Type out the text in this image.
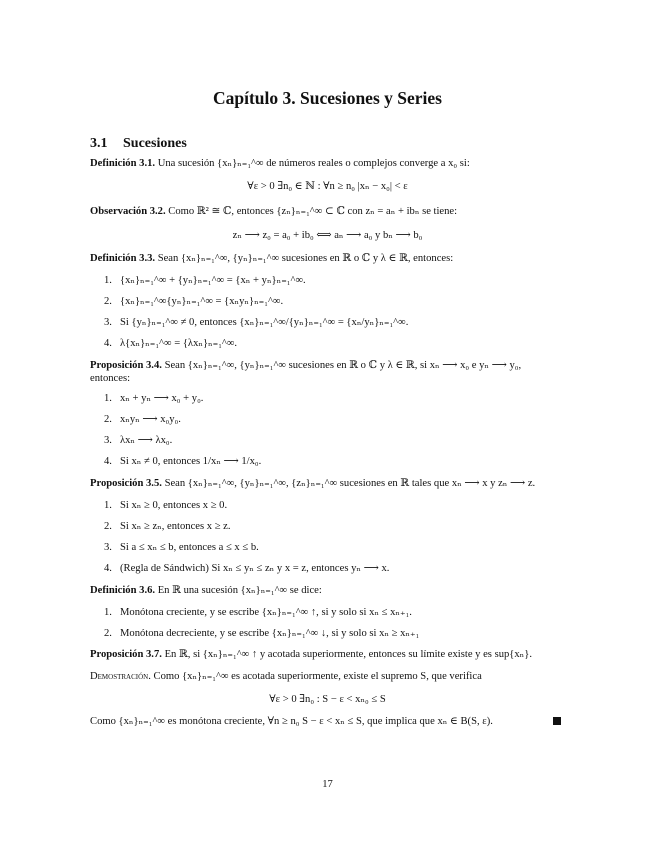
Capítulo 3. Sucesiones y Series
3.1 Sucesiones
Definición 3.1. Una sucesión {xₙ}ₙ₌₁^∞ de números reales o complejos converge a x₀ si:
∀ε > 0 ∃n₀ ∈ ℕ : ∀n ≥ n₀ |xₙ − x₀| < ε
Observación 3.2. Como ℝ² ≅ ℂ, entonces {zₙ}ₙ₌₁^∞ ⊂ ℂ con zₙ = aₙ + ibₙ se tiene:
zₙ ⟶ z₀ = a₀ + ib₀ ⟺ aₙ ⟶ a₀ y bₙ ⟶ b₀
Definición 3.3. Sean {xₙ}ₙ₌₁^∞, {yₙ}ₙ₌₁^∞ sucesiones en ℝ o ℂ y λ ∈ ℝ, entonces:
1. {xₙ}ₙ₌₁^∞ + {yₙ}ₙ₌₁^∞ = {xₙ + yₙ}ₙ₌₁^∞.
2. {xₙ}ₙ₌₁^∞{yₙ}ₙ₌₁^∞ = {xₙyₙ}ₙ₌₁^∞.
3. Si {yₙ}ₙ₌₁^∞ ≠ 0, entonces {xₙ}ₙ₌₁^∞/{yₙ}ₙ₌₁^∞ = {xₙ/yₙ}ₙ₌₁^∞.
4. λ{xₙ}ₙ₌₁^∞ = {λxₙ}ₙ₌₁^∞.
Proposición 3.4. Sean {xₙ}ₙ₌₁^∞, {yₙ}ₙ₌₁^∞ sucesiones en ℝ o ℂ y λ ∈ ℝ, si xₙ ⟶ x₀ e yₙ ⟶ y₀,
entonces:
1. xₙ + yₙ ⟶ x₀ + y₀.
2. xₙyₙ ⟶ x₀y₀.
3. λxₙ ⟶ λx₀.
4. Si xₙ ≠ 0, entonces 1/xₙ ⟶ 1/x₀.
Proposición 3.5. Sean {xₙ}ₙ₌₁^∞, {yₙ}ₙ₌₁^∞, {zₙ}ₙ₌₁^∞ sucesiones en ℝ tales que xₙ ⟶ x y zₙ ⟶ z.
1. Si xₙ ≥ 0, entonces x ≥ 0.
2. Si xₙ ≥ zₙ, entonces x ≥ z.
3. Si a ≤ xₙ ≤ b, entonces a ≤ x ≤ b.
4. (Regla de Sándwich) Si xₙ ≤ yₙ ≤ zₙ y x = z, entonces yₙ ⟶ x.
Definición 3.6. En ℝ una sucesión {xₙ}ₙ₌₁^∞ se dice:
1. Monótona creciente, y se escribe {xₙ}ₙ₌₁^∞ ↑, si y solo si xₙ ≤ xₙ₊₁.
2. Monótona decreciente, y se escribe {xₙ}ₙ₌₁^∞ ↓, si y solo si xₙ ≥ xₙ₊₁
Proposición 3.7. En ℝ, si {xₙ}ₙ₌₁^∞ ↑ y acotada superiormente, entonces su límite existe y es sup{xₙ}.
Demostración. Como {xₙ}ₙ₌₁^∞ es acotada superiormente, existe el supremo S, que verifica
∀ε > 0 ∃n₀ : S − ε < xₙ₀ ≤ S
Como {xₙ}ₙ₌₁^∞ es monótona creciente, ∀n ≥ n₀ S − ε < xₙ ≤ S, que implica que xₙ ∈ B(S, ε).
17
